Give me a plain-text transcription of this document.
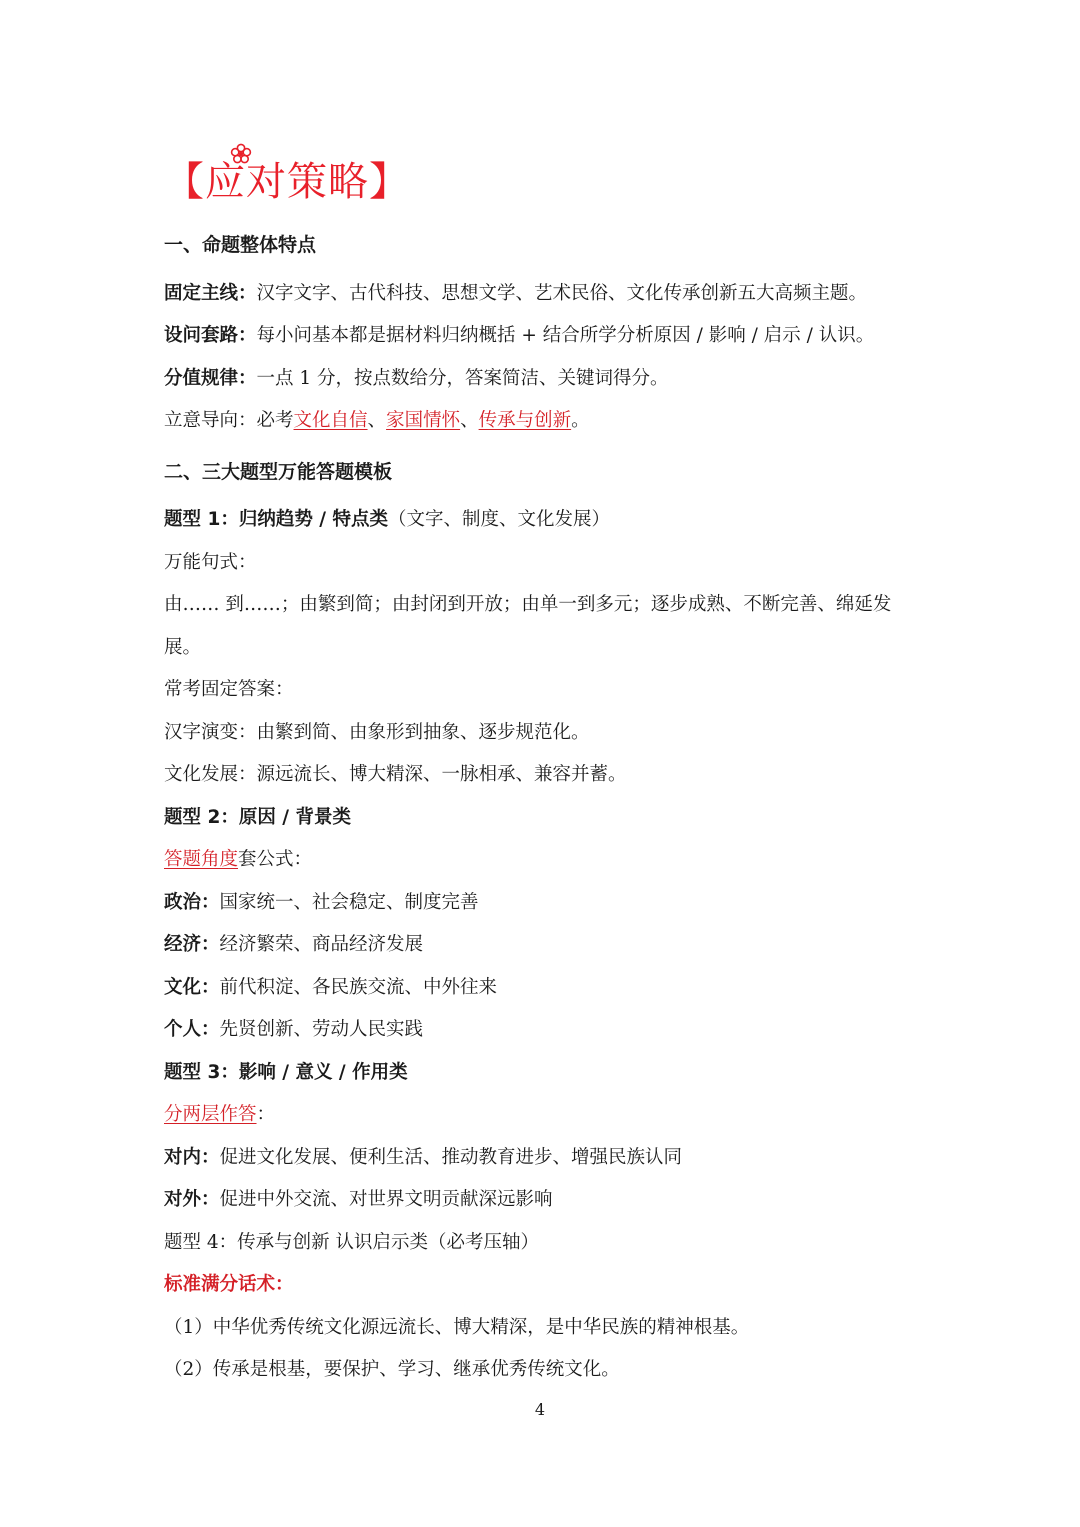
【应对策略】
一、命题整体特点
固定主线：汉字文字、古代科技、思想文学、艺术民俗、文化传承创新五大高频主题。
设问套路：每小问基本都是据材料归纳概括 + 结合所学分析原因 / 影响 / 启示 / 认识。
分值规律：一点 1 分，按点数给分，答案简洁、关键词得分。
立意导向：必考文化自信、家国情怀、传承与创新。
二、三大题型万能答题模板
题型 1：归纳趋势 / 特点类（文字、制度、文化发展）
万能句式：
由…… 到……；由繁到简；由封闭到开放；由单一到多元；逐步成熟、不断完善、绵延发
展。
常考固定答案：
汉字演变：由繁到简、由象形到抽象、逐步规范化。
文化发展：源远流长、博大精深、一脉相承、兼容并蓄。
题型 2：原因 / 背景类
答题角度套公式：
政治：国家统一、社会稳定、制度完善
经济：经济繁荣、商品经济发展
文化：前代积淀、各民族交流、中外往来
个人：先贤创新、劳动人民实践
题型 3：影响 / 意义 / 作用类
分两层作答：
对内：促进文化发展、便利生活、推动教育进步、增强民族认同
对外：促进中外交流、对世界文明贡献深远影响
题型 4：传承与创新 认识启示类（必考压轴）
标准满分话术：
（1）中华优秀传统文化源远流长、博大精深，是中华民族的精神根基。
（2）传承是根基，要保护、学习、继承优秀传统文化。
4
